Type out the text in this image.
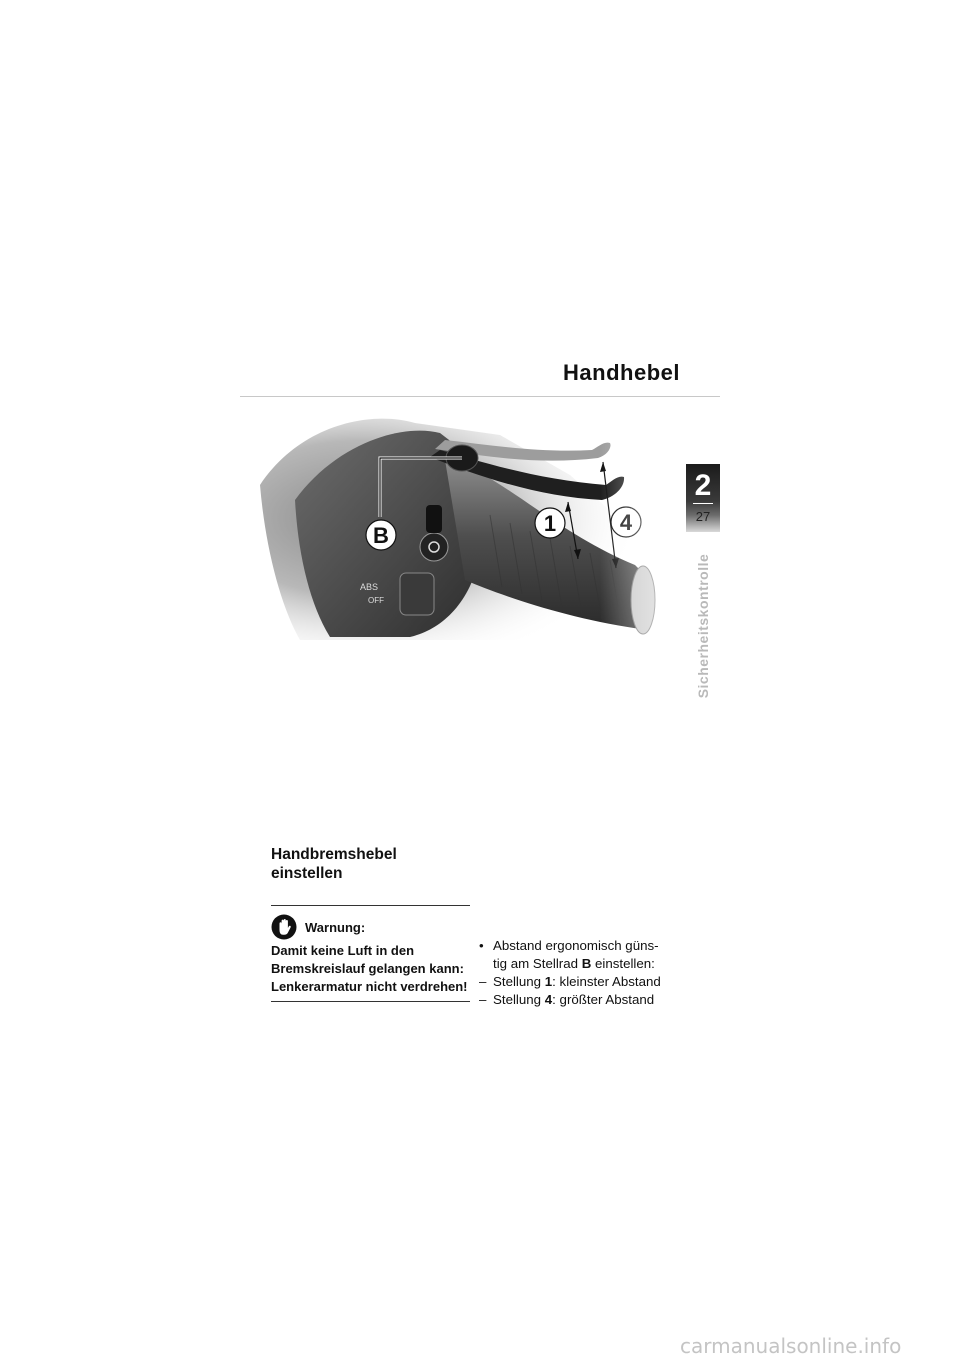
Handhebel
2
27
Sicherheitskontrolle
Handbremshebel einstellen
Warnung:
Damit keine Luft in den Bremskreislauf gelangen kann: Lenkerarmatur nicht verdrehen!
• Abstand ergonomisch güns-
tig am Stellrad B einstellen:
– Stellung 1: kleinster Abstand
– Stellung 4: größter Abstand
carmanualsonline.info
